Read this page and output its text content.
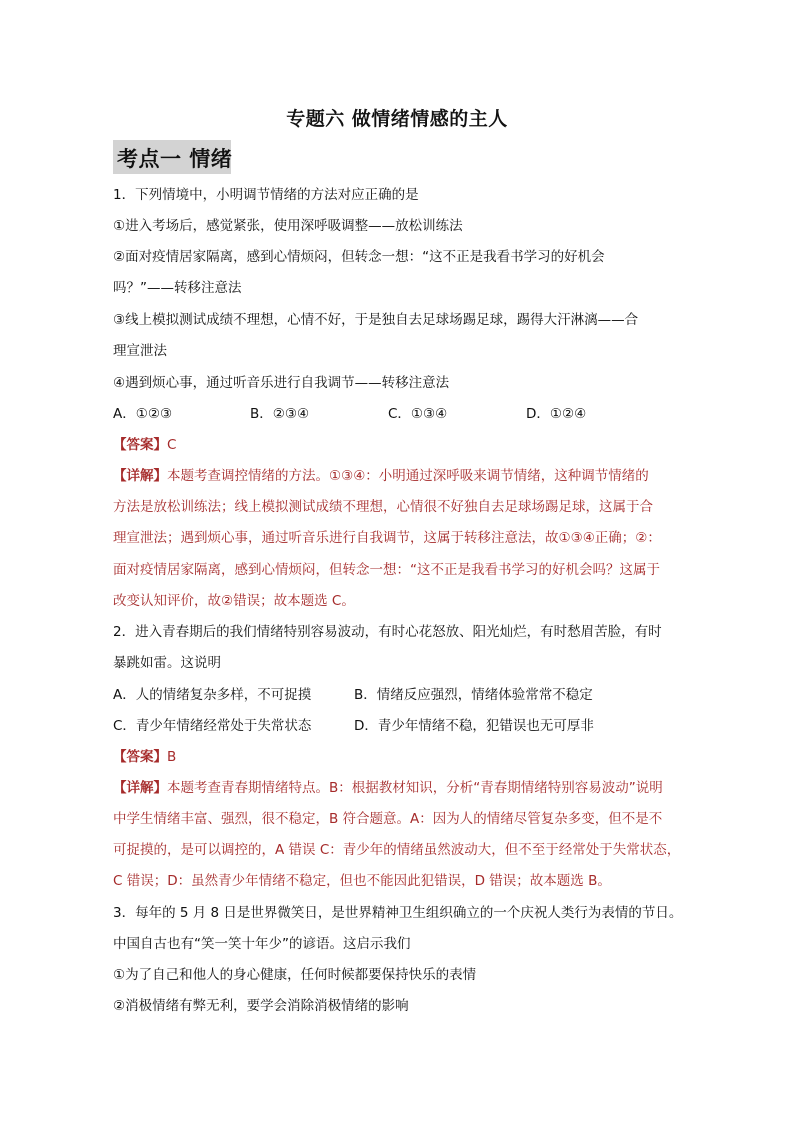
专题六 做情绪情感的主人
考点一 情绪
1．下列情境中，小明调节情绪的方法对应正确的是
①进入考场后，感觉紧张，使用深呼吸调整——放松训练法
②面对疫情居家隔离，感到心情烦闷，但转念一想：“这不正是我看书学习的好机会
吗？”——转移注意法
③线上模拟测试成绩不理想，心情不好，于是独自去足球场踢足球，踢得大汗淋漓——合
理宣泄法
④遇到烦心事，通过听音乐进行自我调节——转移注意法
A．①②③	B．②③④	C．①③④	D．①②④
【答案】C
【详解】本题考查调控情绪的方法。①③④：小明通过深呼吸来调节情绪，这种调节情绪的
方法是放松训练法；线上模拟测试成绩不理想，心情很不好独自去足球场踢足球，这属于合
理宣泄法；遇到烦心事，通过听音乐进行自我调节，这属于转移注意法，故①③④正确；②：
面对疫情居家隔离，感到心情烦闷，但转念一想：“这不正是我看书学习的好机会吗？这属于
改变认知评价，故②错误；故本题选 C。
2．进入青春期后的我们情绪特别容易波动，有时心花怒放、阳光灿烂，有时愁眉苦脸，有时
暴跳如雷。这说明
A．人的情绪复杂多样，不可捉摸	B．情绪反应强烈，情绪体验常常不稳定
C．青少年情绪经常处于失常状态	D．青少年情绪不稳，犯错误也无可厚非
【答案】B
【详解】本题考查青春期情绪特点。B：根据教材知识，分析“青春期情绪特别容易波动”说明
中学生情绪丰富、强烈，很不稳定，B 符合题意。A：因为人的情绪尽管复杂多变，但不是不
可捉摸的，是可以调控的，A 错误 C：青少年的情绪虽然波动大，但不至于经常处于失常状态，
C 错误；D：虽然青少年情绪不稳定，但也不能因此犯错误，D 错误；故本题选 B。
3．每年的 5 月 8 日是世界微笑日，是世界精神卫生组织确立的一个庆祝人类行为表情的节日。
中国自古也有“笑一笑十年少”的谚语。这启示我们
①为了自己和他人的身心健康，任何时候都要保持快乐的表情
②消极情绪有弊无利，要学会消除消极情绪的影响
